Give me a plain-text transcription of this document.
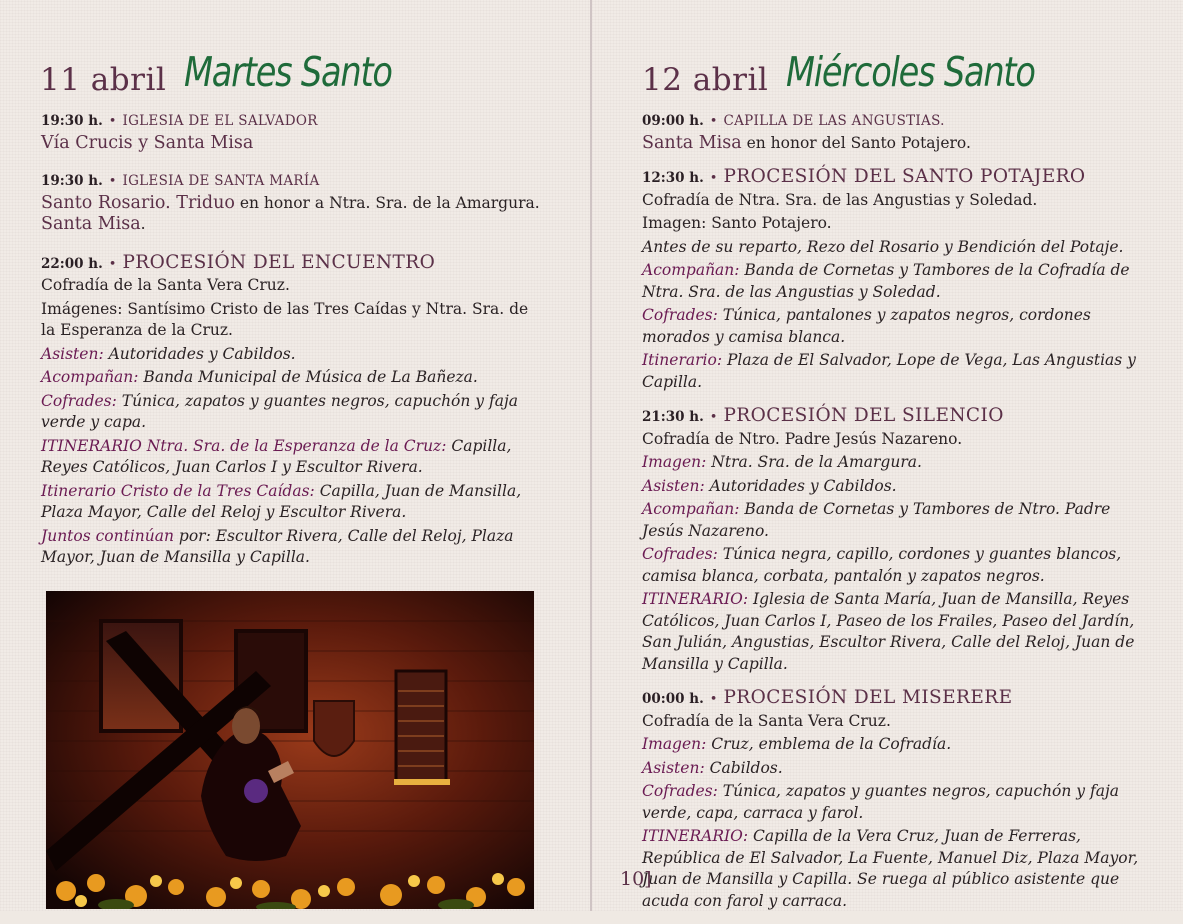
11 abril Martes Santo
19:30 h. • IGLESIA DE EL SALVADOR
Vía Crucis y Santa Misa
19:30 h. • IGLESIA DE SANTA MARÍA
Santo Rosario. Triduo en honor a Ntra. Sra. de la Amargura. Santa Misa.
22:00 h. • PROCESIÓN DEL ENCUENTRO
Cofradía de la Santa Vera Cruz.
Imágenes: Santísimo Cristo de las Tres Caídas y Ntra. Sra. de la Esperanza de la Cruz.
Asisten: Autoridades y Cabildos.
Acompañan: Banda Municipal de Música de La Bañeza.
Cofrades: Túnica, zapatos y guantes negros, capuchón y faja verde y capa.
ITINERARIO Ntra. Sra. de la Esperanza de la Cruz: Capilla, Reyes Católicos, Juan Carlos I y Escultor Rivera.
Itinerario Cristo de la Tres Caídas: Capilla, Juan de Mansilla, Plaza Mayor, Calle del Reloj y Escultor Rivera.
Juntos continúan por: Escultor Rivera, Calle del Reloj, Plaza Mayor, Juan de Mansilla y Capilla.
12 abril Miércoles Santo
09:00 h. • CAPILLA DE LAS ANGUSTIAS.
Santa Misa en honor del Santo Potajero.
12:30 h. • PROCESIÓN DEL SANTO POTAJERO
Cofradía de Ntra. Sra. de las Angustias y Soledad.
Imagen: Santo Potajero.
Antes de su reparto, Rezo del Rosario y Bendición del Potaje.
Acompañan: Banda de Cornetas y Tambores de la Cofradía de Ntra. Sra. de las Angustias y Soledad.
Cofrades: Túnica, pantalones y zapatos negros, cordones morados y camisa blanca.
Itinerario: Plaza de El Salvador, Lope de Vega, Las Angustias y Capilla.
21:30 h. • PROCESIÓN DEL SILENCIO
Cofradía de Ntro. Padre Jesús Nazareno.
Imagen: Ntra. Sra. de la Amargura.
Asisten: Autoridades y Cabildos.
Acompañan: Banda de Cornetas y Tambores de Ntro. Padre Jesús Nazareno.
Cofrades: Túnica negra, capillo, cordones y guantes blancos, camisa blanca, corbata, pantalón y zapatos negros.
ITINERARIO: Iglesia de Santa María, Juan de Mansilla, Reyes Católicos, Juan Carlos I, Paseo de los Frailes, Paseo del Jardín, San Julián, Angustias, Escultor Rivera, Calle del Reloj, Juan de Mansilla y Capilla.
00:00 h. • PROCESIÓN DEL MISERERE
Cofradía de la Santa Vera Cruz.
Imagen: Cruz, emblema de la Cofradía.
Asisten: Cabildos.
Cofrades: Túnica, zapatos y guantes negros, capuchón y faja verde, capa, carraca y farol.
ITINERARIO: Capilla de la Vera Cruz, Juan de Ferreras, República de El Salvador, La Fuente, Manuel Diz, Plaza Mayor, Juan de Mansilla y Capilla. Se ruega al público asistente que acuda con farol y carraca.
10]
